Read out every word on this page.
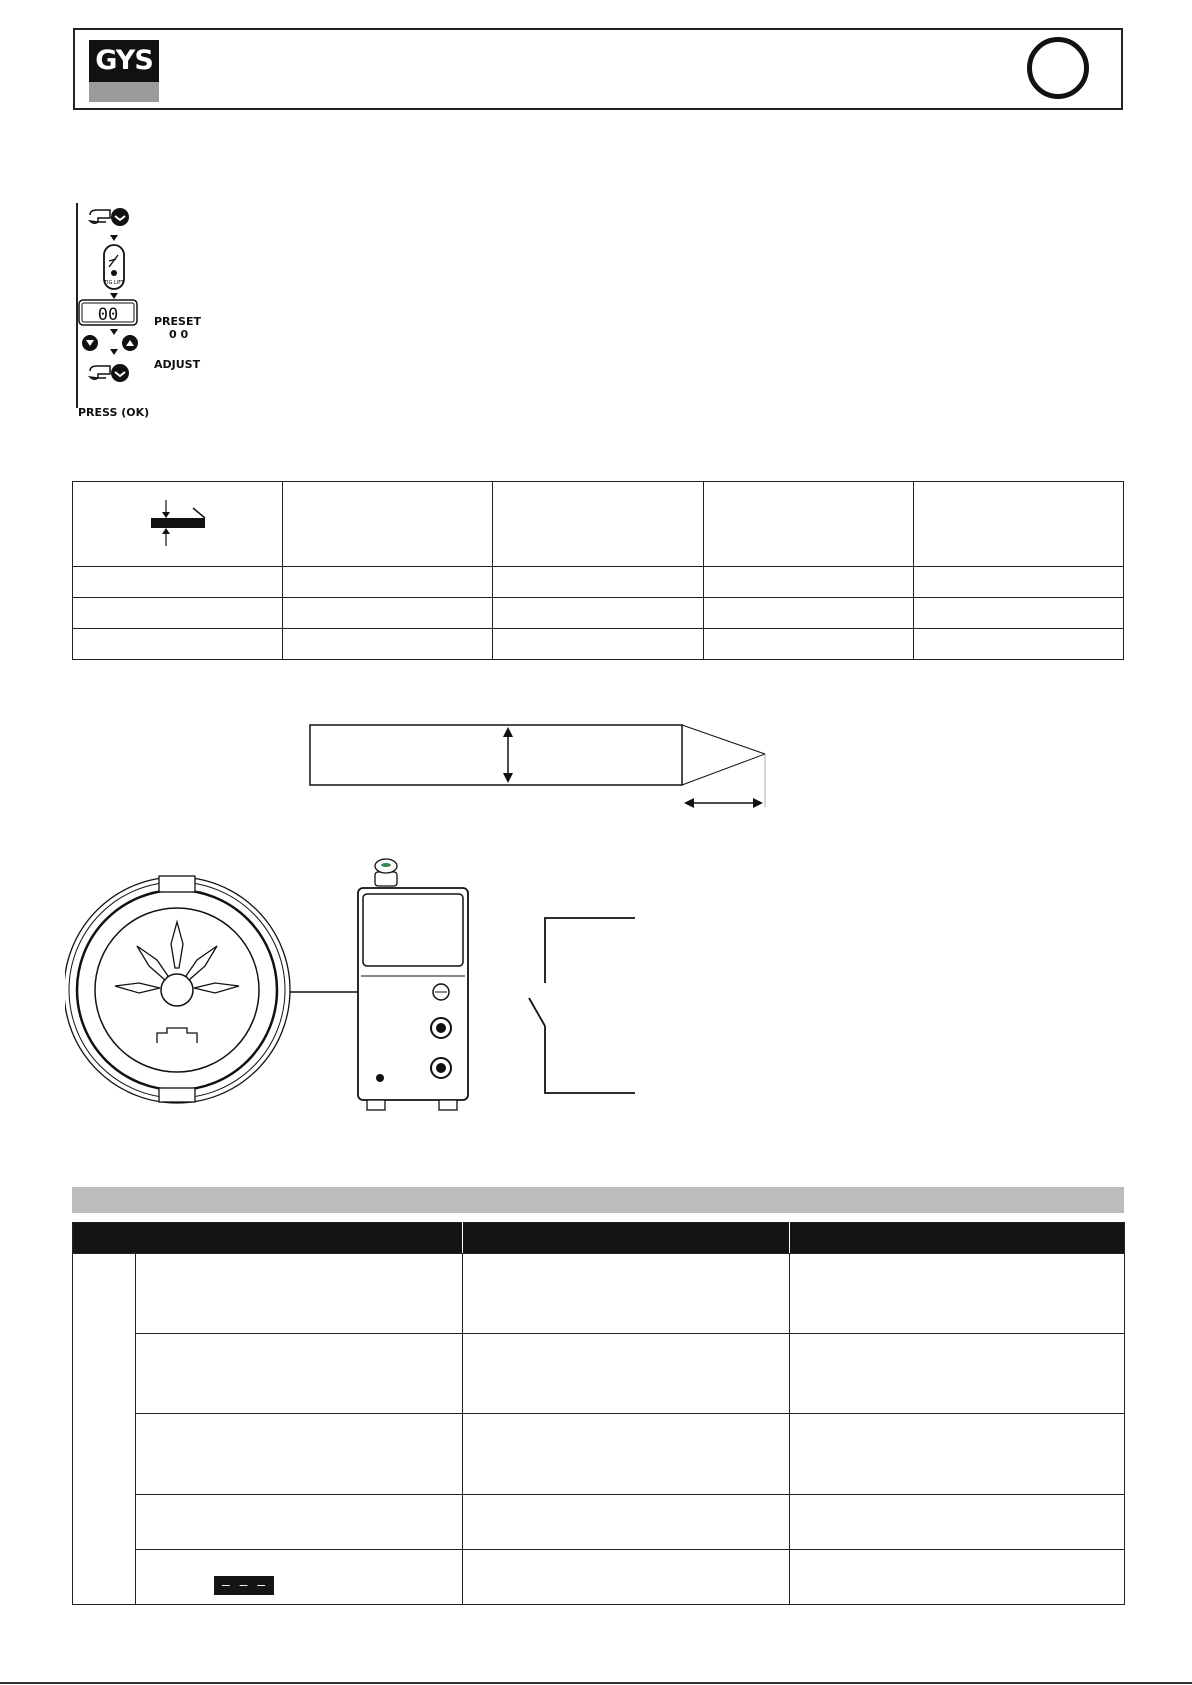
GYS
TIG LIFT
00	PRESET
0 0
ADJUST
PRESS (OK)

	– – –		
